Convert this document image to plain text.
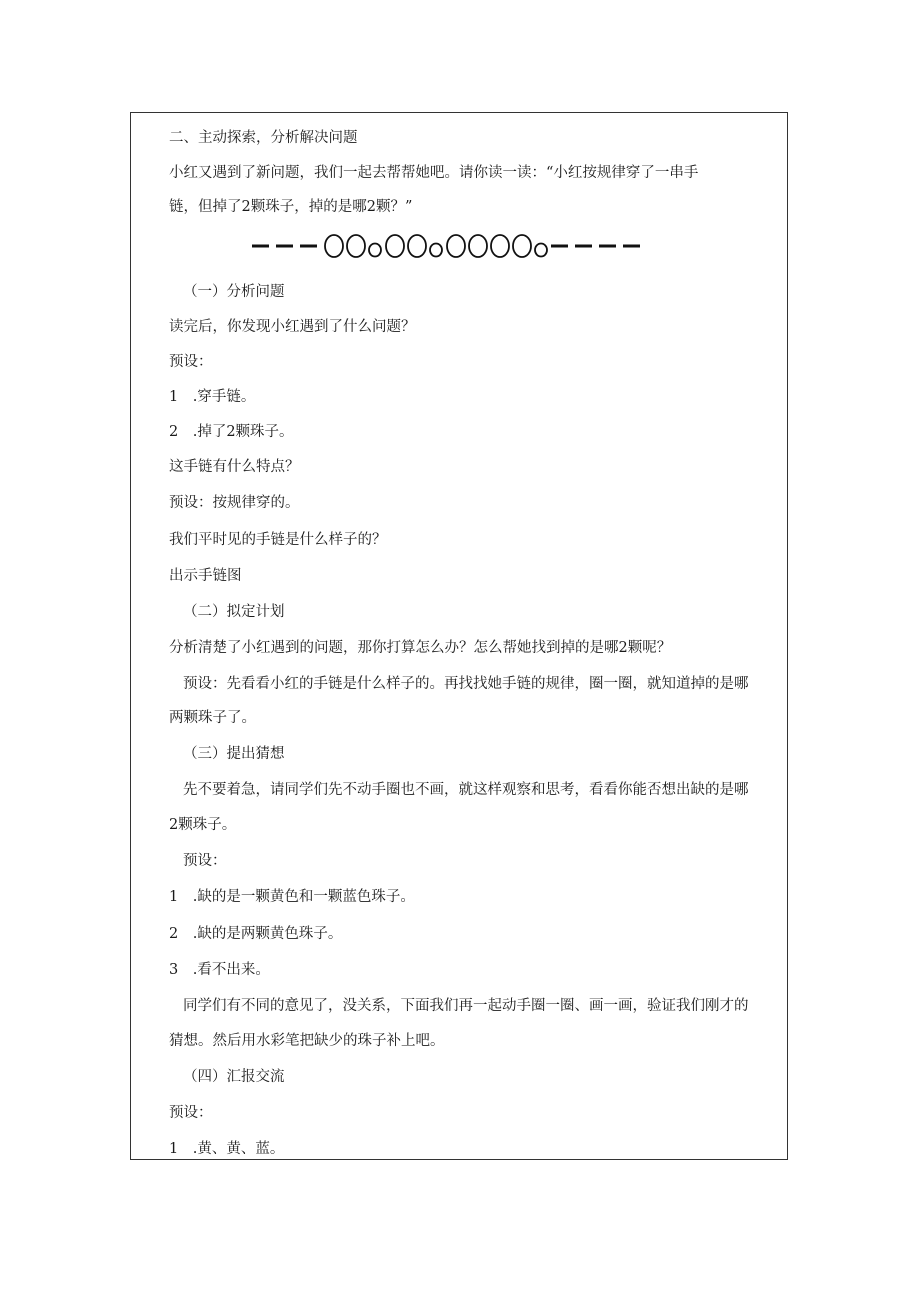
二、主动探索，分析解决问题
小红又遇到了新问题，我们一起去帮帮她吧。请你读一读：“小红按规律穿了一串手
链，但掉了2颗珠子，掉的是哪2颗？”
（一）分析问题
读完后，你发现小红遇到了什么问题？
预设：
1　.穿手链。
2　.掉了2颗珠子。
这手链有什么特点？
预设：按规律穿的。
我们平时见的手链是什么样子的？
出示手链图
（二）拟定计划
分析清楚了小红遇到的问题，那你打算怎么办？怎么帮她找到掉的是哪2颗呢？
预设：先看看小红的手链是什么样子的。再找找她手链的规律，圈一圈，就知道掉的是哪
两颗珠子了。
（三）提出猜想
先不要着急，请同学们先不动手圈也不画，就这样观察和思考，看看你能否想出缺的是哪
2颗珠子。
预设：
1　.缺的是一颗黄色和一颗蓝色珠子。
2　.缺的是两颗黄色珠子。
3　.看不出来。
同学们有不同的意见了，没关系，下面我们再一起动手圈一圈、画一画，验证我们刚才的
猜想。然后用水彩笔把缺少的珠子补上吧。
（四）汇报交流
预设：
1　.黄、黄、蓝。
